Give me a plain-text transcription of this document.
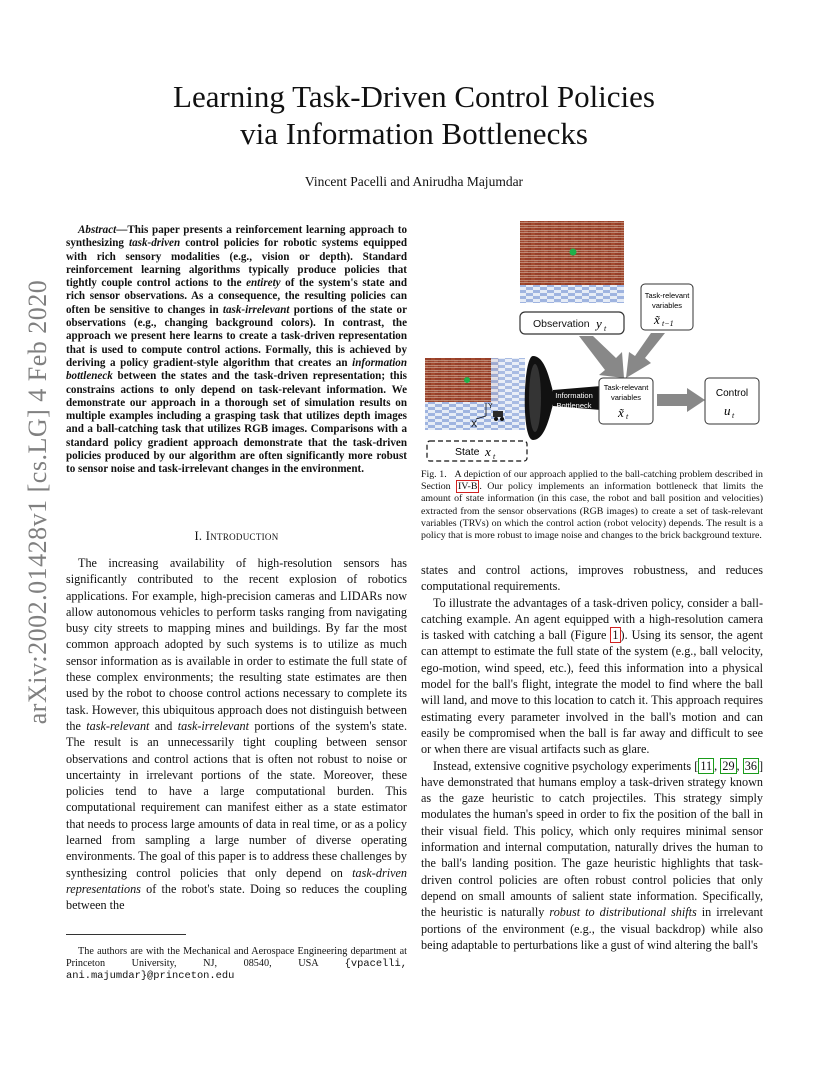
arXiv:2002.01428v1 [cs.LG] 4 Feb 2020
Learning Task-Driven Control Policies
via Information Bottlenecks
Vincent Pacelli and Anirudha Majumdar
Abstract—This paper presents a reinforcement learning approach to synthesizing task-driven control policies for robotic systems equipped with rich sensory modalities (e.g., vision or depth). Standard reinforcement learning algorithms typically produce policies that tightly couple control actions to the entirety of the system's state and rich sensor observations. As a consequence, the resulting policies can often be sensitive to changes in task-irrelevant portions of the state or observations (e.g., changing background colors). In contrast, the approach we present here learns to create a task-driven representation that is used to compute control actions. Formally, this is achieved by deriving a policy gradient-style algorithm that creates an information bottleneck between the states and the task-driven representation; this constrains actions to only depend on task-relevant information. We demonstrate our approach in a thorough set of simulation results on multiple examples including a grasping task that utilizes depth images and a ball-catching task that utilizes RGB images. Comparisons with a standard policy gradient approach demonstrate that the task-driven policies produced by our algorithm are often significantly more robust to sensor noise and task-irrelevant changes in the environment.
I. Introduction

The increasing availability of high-resolution sensors has significantly contributed to the recent explosion of robotics applications. For example, high-precision cameras and LIDARs now allow autonomous vehicles to perform tasks ranging from navigating busy city streets to mapping mines and buildings. By far the most common approach adopted by such systems is to utilize as much sensor information as is available in order to estimate the full state of these complex environments; the resulting state estimates are then used by the robot to choose control actions necessary to complete its task. However, this ubiquitous approach does not distinguish between the task-relevant and task-irrelevant portions of the system's state. The result is an unnecessarily tight coupling between sensor observations and control actions that is often not robust to noise or uncertainty in irrelevant portions of the state. Moreover, these policies tend to have a large computational burden. This computational requirement can manifest either as a state estimator that needs to process large amounts of data in real time, or as a policy learned from sampling a large number of diverse operating environments. The goal of this paper is to address these challenges by synthesizing control policies that only depend on task-driven representations of the robot's state. Doing so reduces the coupling between the

The authors are with the Mechanical and Aerospace Engineering department at Princeton University, NJ, 08540, USA {vpacelli, ani.majumdar}@princeton.edu
Observation y t
Task-relevant
variables
x̃ t−1
X
Y
State x t
Information
Bottleneck
Task-relevant
variables
x̃ t
Control
u t
Fig. 1. A depiction of our approach applied to the ball-catching problem described in Section IV-B . Our policy implements an information bottleneck that limits the amount of state information (in this case, the robot and ball position and velocities) extracted from the sensor observations (RGB images) to create a set of task-relevant variables (TRVs) on which the control action (robot velocity) depends. The result is a policy that is more robust to image noise and changes to the brick background texture.

states and control actions, improves robustness, and reduces computational requirements.

To illustrate the advantages of a task-driven policy, consider a ball-catching example. An agent equipped with a high-resolution camera is tasked with catching a ball (Figure 1 ). Using its sensor, the agent can attempt to estimate the full state of the system (e.g., ball velocity, ego-motion, wind speed, etc.), feed this information into a physical model for the ball's flight, integrate the model to find where the ball will land, and move to this location to catch it. This approach requires estimating every parameter involved in the ball's motion and can easily be compromised when the ball is far away and difficult to see or when there are visual artifacts such as glare.

Instead, extensive cognitive psychology experiments [ 11 , 29 , 36 ] have demonstrated that humans employ a task-driven strategy known as the gaze heuristic to catch projectiles. This strategy simply modulates the human's speed in order to fix the position of the ball in their visual field. This policy, which only requires minimal sensor information and internal computation, naturally drives the human to the ball's landing position. The gaze heuristic highlights that task-driven control policies are often robust control policies that only depend on small amounts of salient state information. Specifically, the heuristic is naturally robust to distributional shifts in irrelevant portions of the environment (e.g., the visual backdrop) while also being adaptable to perturbations like a gust of wind altering the ball's
